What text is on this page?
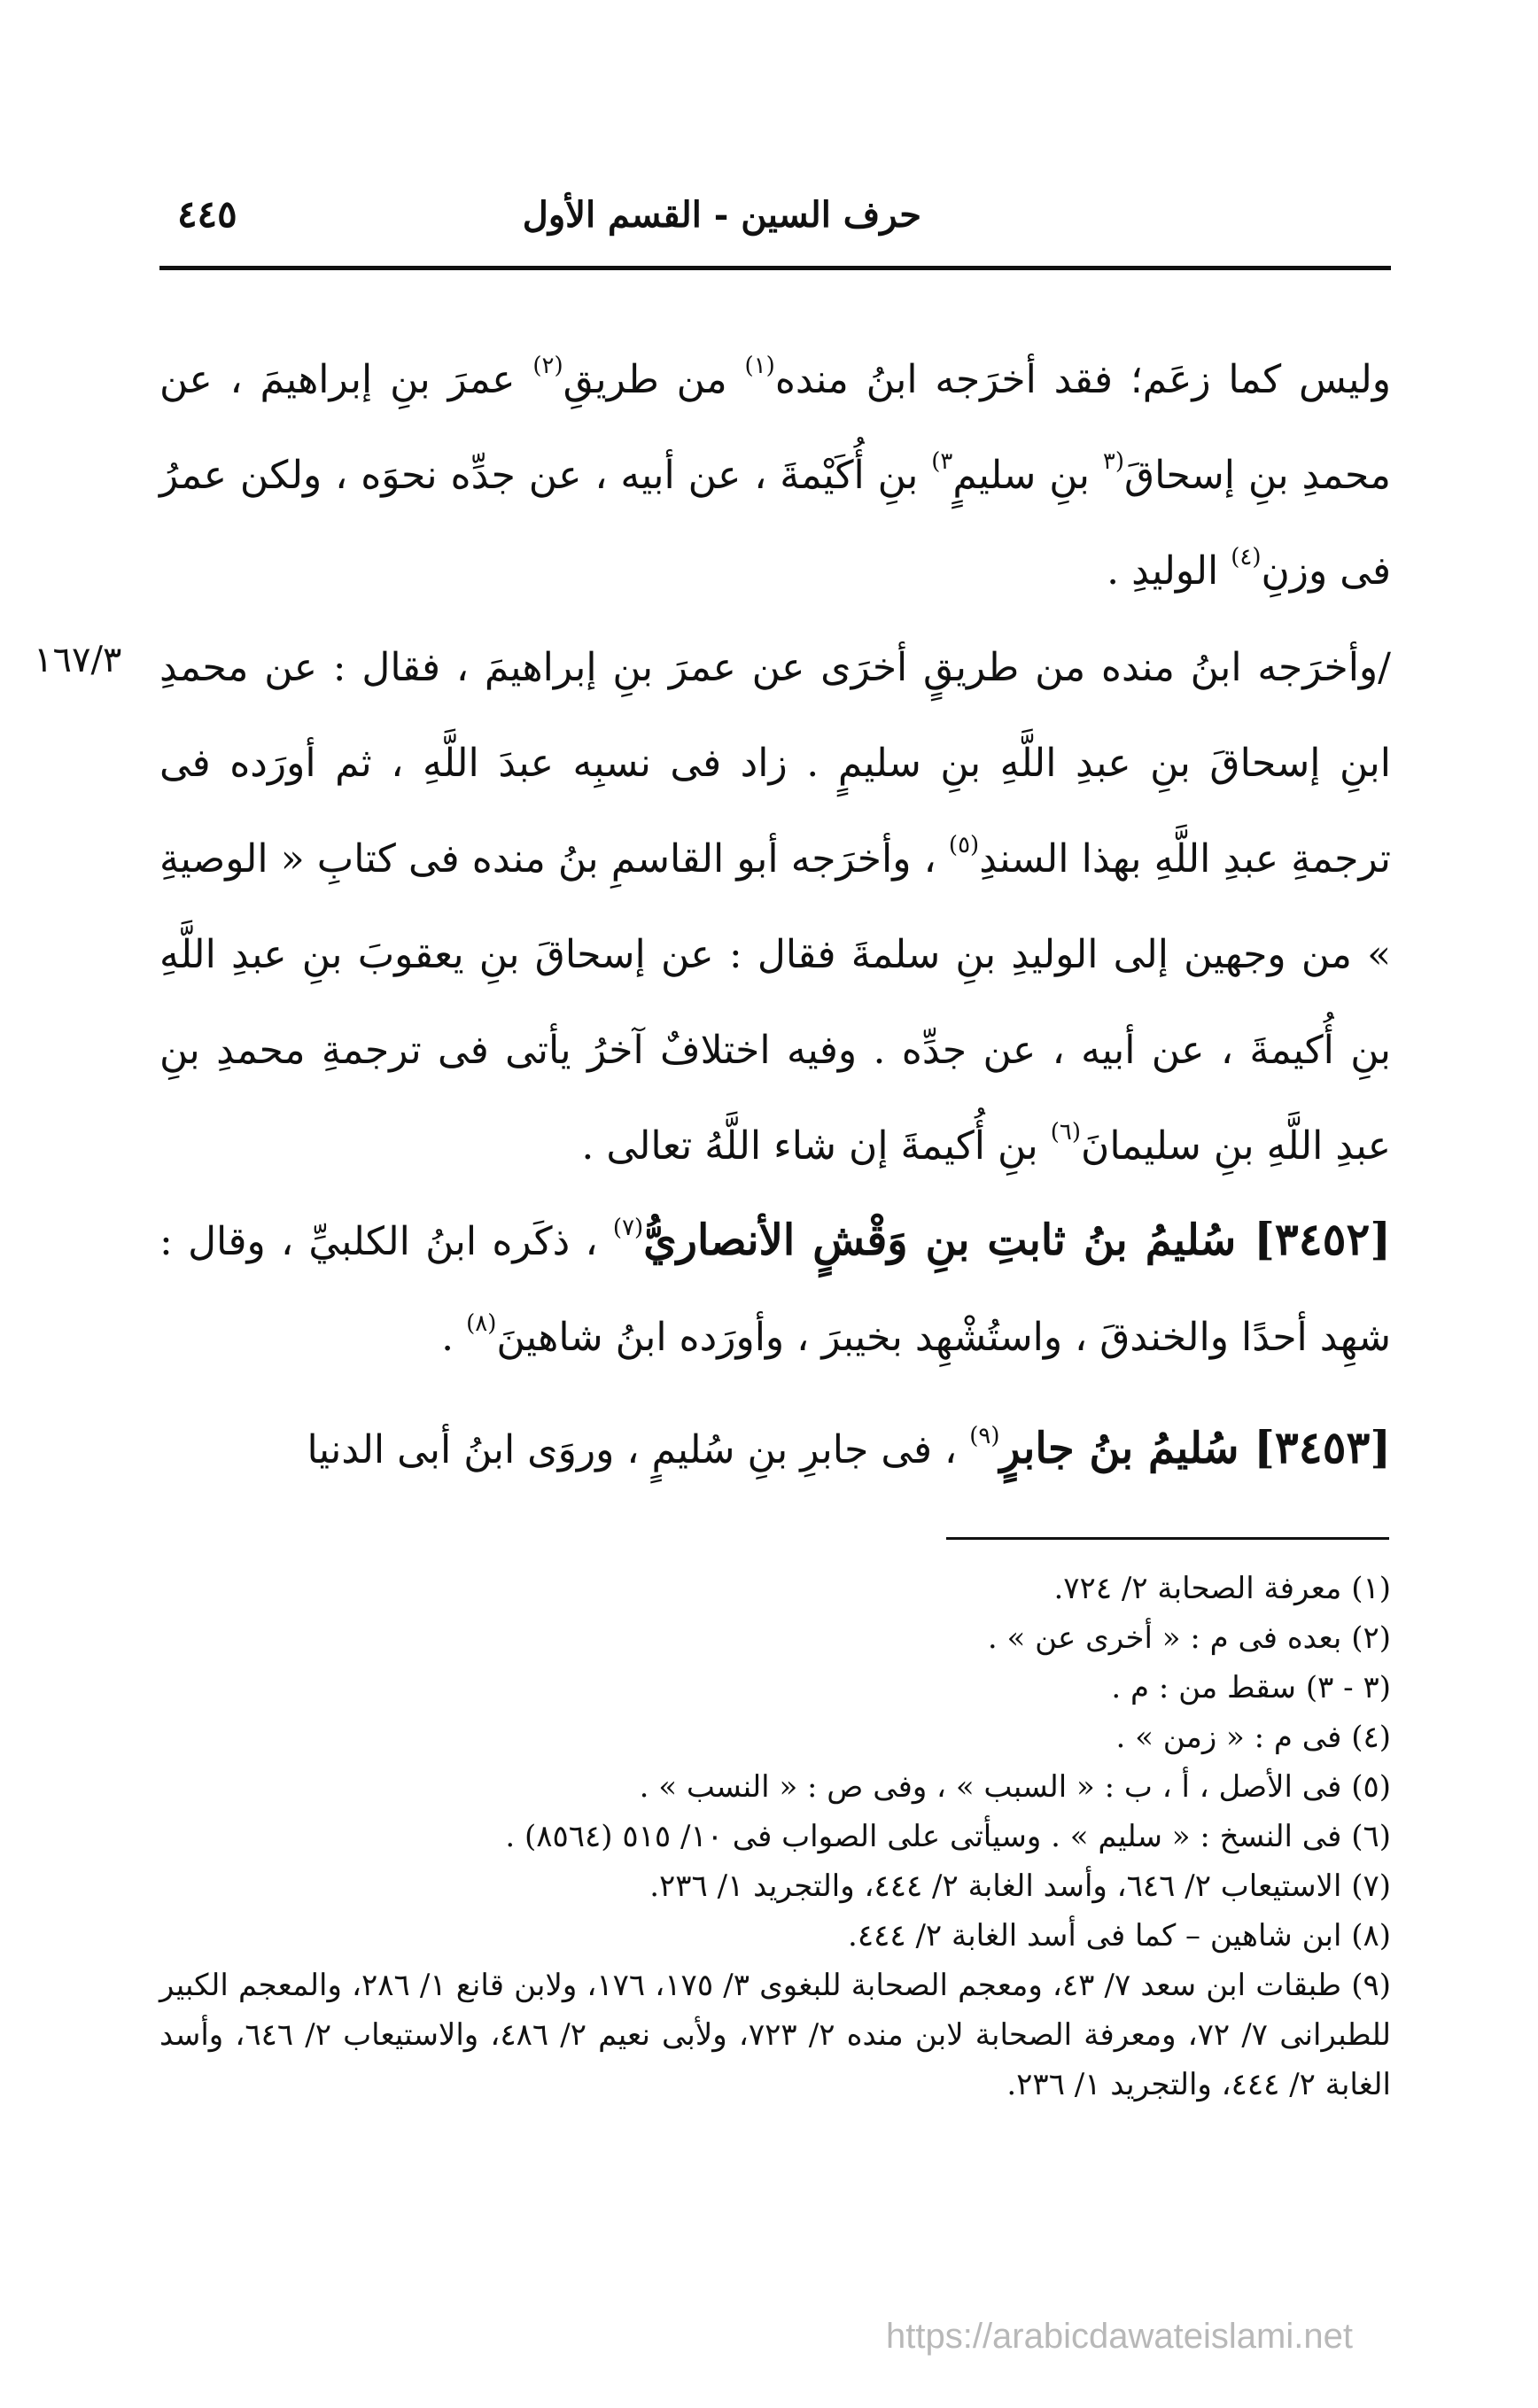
حرف السين - القسم الأول
٤٤٥
١٦٧/٣

وليس كما زعَم؛ فقد أخرَجه ابنُ منده$^{(١)}$ من طريقِ$^{(٢)}$ عمرَ بنِ إبراهيمَ ، عن محمدِ بنِ إسحاقَ$^{(٣}$ بنِ سليمٍ$^{٣)}$ بنِ أُكَيْمةَ ، عن أبيه ، عن جدِّه نحوَه ، ولكن عمرُ فى وزنِ$^{(٤)}$ الوليدِ .

/وأخرَجه ابنُ منده من طريقٍ أخرَى عن عمرَ بنِ إبراهيمَ ، فقال : عن محمدِ ابنِ إسحاقَ بنِ عبدِ اللَّهِ بنِ سليمٍ . زاد فى نسبِه عبدَ اللَّهِ ، ثم أورَده فى ترجمةِ عبدِ اللَّهِ بهذا السندِ$^{(٥)}$ ، وأخرَجه أبو القاسمِ بنُ منده فى كتابِ « الوصيةِ » من وجهين إلى الوليدِ بنِ سلمةَ فقال : عن إسحاقَ بنِ يعقوبَ بنِ عبدِ اللَّهِ بنِ أُكيمةَ ، عن أبيه ، عن جدِّه . وفيه اختلافٌ آخرُ يأتى فى ترجمةِ محمدِ بنِ عبدِ اللَّهِ بنِ سليمانَ$^{(٦)}$ بنِ أُكيمةَ إن شاء اللَّهُ تعالى .

[٣٤٥٢] سُليمُ بنُ ثابتِ بنِ وَقْشٍ الأنصاريُّ$^{(٧)}$ ، ذكَره ابنُ الكلبيِّ ، وقال : شهِد أحدًا والخندقَ ، واستُشْهِد بخيبرَ ، وأورَده ابنُ شاهينَ$^{(٨)}$ .

[٣٤٥٣] سُليمُ بنُ جابرٍ$^{(٩)}$ ، فى جابرِ بنِ سُليمٍ ، وروَى ابنُ أبى الدنيا

(١) معرفة الصحابة ٢/ ٧٢٤.

(٢) بعده فى م : « أخرى عن » .

(٣ - ٣) سقط من : م .

(٤) فى م : « زمن » .

(٥) فى الأصل ، أ ، ب : « السبب » ، وفى ص : « النسب » .

(٦) فى النسخ : « سليم » . وسيأتى على الصواب فى ١٠/ ٥١٥ (٨٥٦٤) .

(٧) الاستيعاب ٢/ ٦٤٦، وأسد الغابة ٢/ ٤٤٤، والتجريد ١/ ٢٣٦.

(٨) ابن شاهين – كما فى أسد الغابة ٢/ ٤٤٤.

(٩) طبقات ابن سعد ٧/ ٤٣، ومعجم الصحابة للبغوى ٣/ ١٧٥، ١٧٦، ولابن قانع ١/ ٢٨٦، والمعجم الكبير للطبرانى ٧/ ٧٢، ومعرفة الصحابة لابن منده ٢/ ٧٢٣، ولأبى نعيم ٢/ ٤٨٦، والاستيعاب ٢/ ٦٤٦، وأسد الغابة ٢/ ٤٤٤، والتجريد ١/ ٢٣٦.

https://arabicdawateislami.net
